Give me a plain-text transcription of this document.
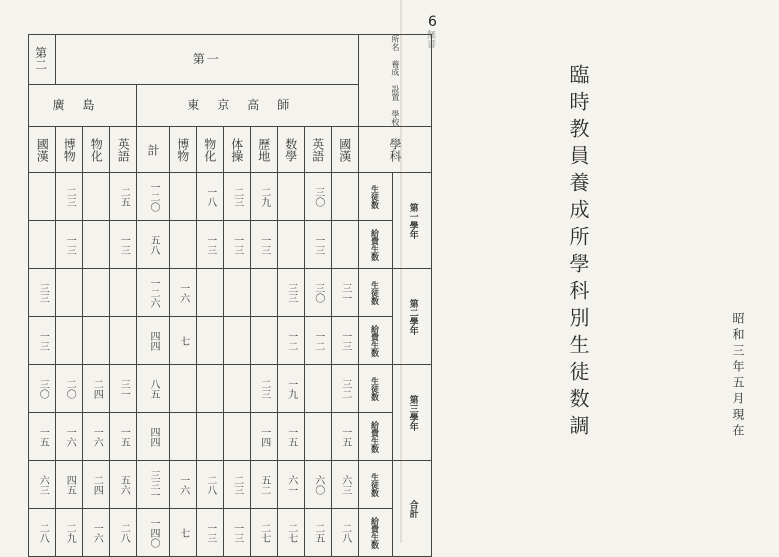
6
無書
第二	第一											所名 養成 設置 學校	
廣島				東京高師									
國漢	博物	物化	英語	計	博物	物化	体操	歷地	数學	英語	國漢	學科	
	二三		二五	一二〇		一八	二三	二九		三〇		生徒数	第一學年
	一三		一三	五八		一三	一三	一三		一三		給費生数	
三三				一二六	一六				三三	三〇	三一	生徒数	第二學年
一三				四四	七				一二	一二	一三	給費生数	
三〇	二〇	二四	三一	八五				二三	一九		三二	生徒数	第三學年
一五	一六	一六	一五	四四				一四	一五		一五	給費生数	
六三	四五	二四	五六	三三一	一六	二八	二三	五二	六一	六〇	六三	生徒数	合計
二八	二九	一六	二八	一四〇	七	一三	一三	二七	二七	二五	二八	給費生数	
臨時教員養成所學科別生徒数調	昭和三年五月現在
